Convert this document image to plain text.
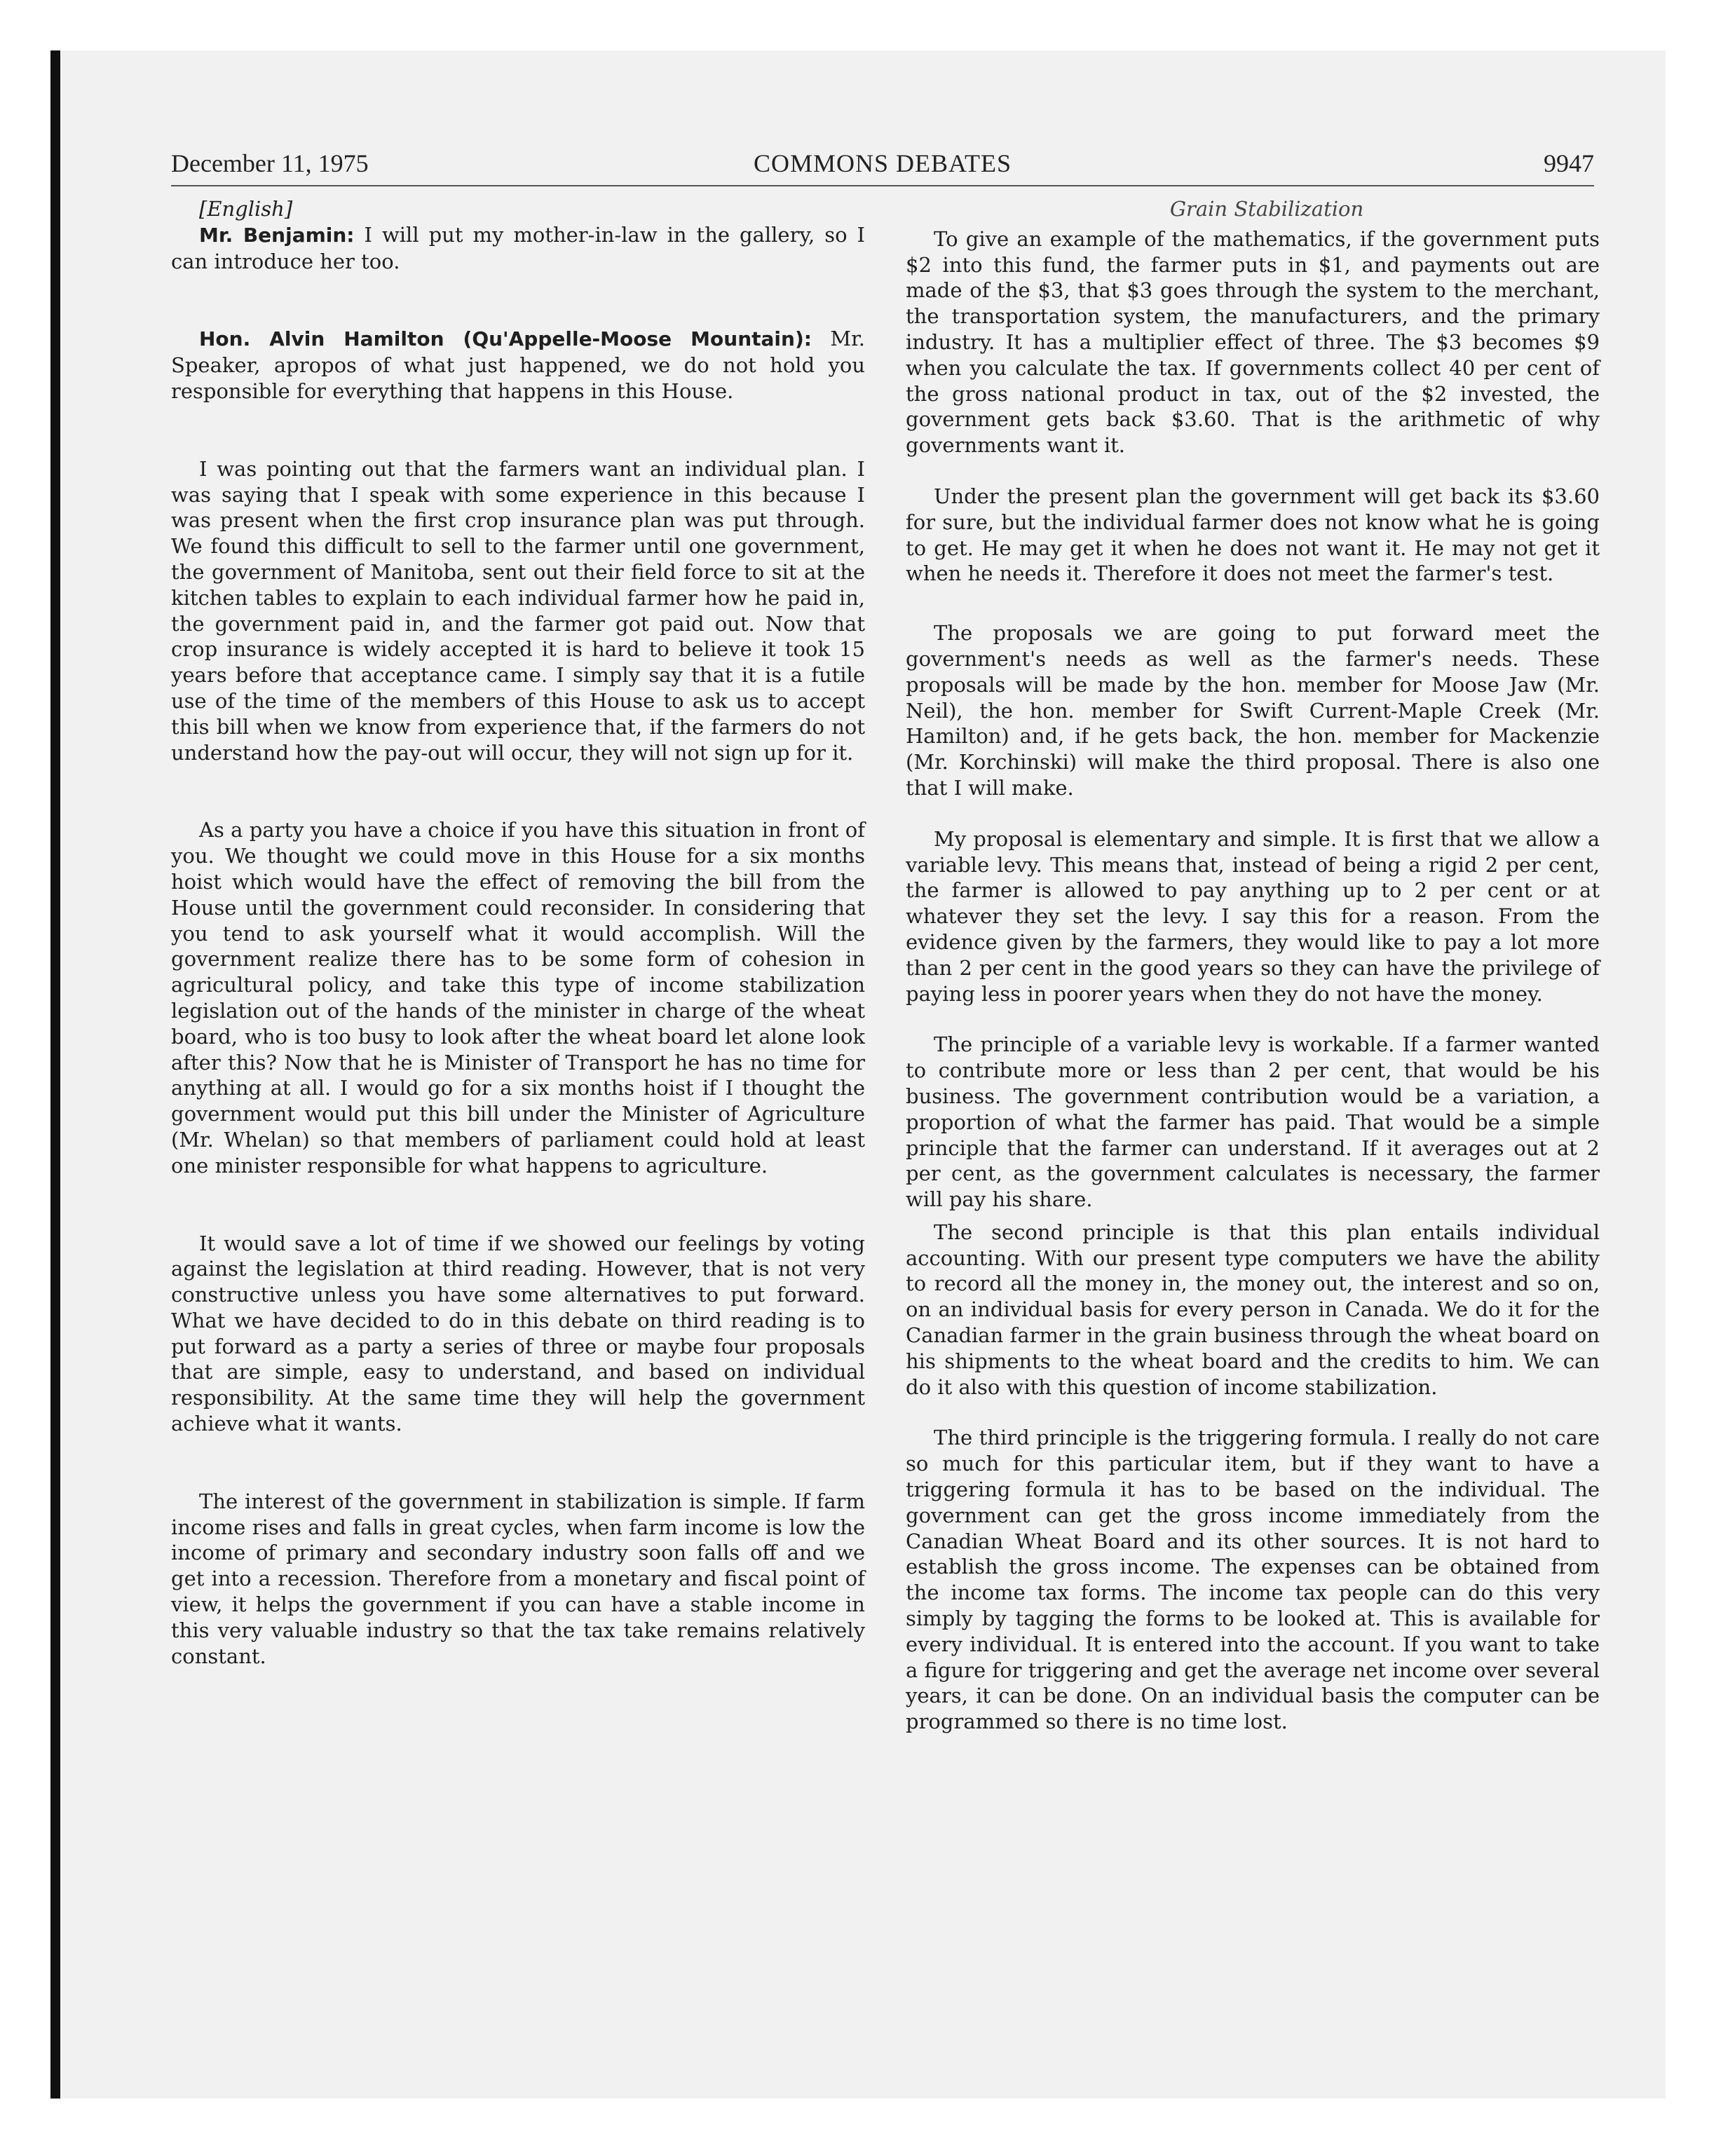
COMMONS DEBATES
December 11, 1975	9947

[English]

Mr. Benjamin: I will put my mother-in-law in the gallery, so I can introduce her too.

Hon. Alvin Hamilton (Qu'Appelle-Moose Mountain): Mr. Speaker, apropos of what just happened, we do not hold you responsible for everything that happens in this House.

I was pointing out that the farmers want an individual plan. I was saying that I speak with some experience in this because I was present when the first crop insurance plan was put through. We found this difficult to sell to the farmer until one government, the government of Manitoba, sent out their field force to sit at the kitchen tables to explain to each individual farmer how he paid in, the government paid in, and the farmer got paid out. Now that crop insurance is widely accepted it is hard to believe it took 15 years before that acceptance came. I simply say that it is a futile use of the time of the members of this House to ask us to accept this bill when we know from experience that, if the farmers do not understand how the pay-out will occur, they will not sign up for it.

As a party you have a choice if you have this situation in front of you. We thought we could move in this House for a six months hoist which would have the effect of removing the bill from the House until the government could reconsider. In considering that you tend to ask yourself what it would accomplish. Will the government realize there has to be some form of cohesion in agricultural policy, and take this type of income stabilization legislation out of the hands of the minister in charge of the wheat board, who is too busy to look after the wheat board let alone look after this? Now that he is Minister of Transport he has no time for anything at all. I would go for a six months hoist if I thought the government would put this bill under the Minister of Agriculture (Mr. Whelan) so that members of parliament could hold at least one minister responsible for what happens to agriculture.

It would save a lot of time if we showed our feelings by voting against the legislation at third reading. However, that is not very constructive unless you have some alternatives to put forward. What we have decided to do in this debate on third reading is to put forward as a party a series of three or maybe four proposals that are simple, easy to understand, and based on individual responsibility. At the same time they will help the government achieve what it wants.

The interest of the government in stabilization is simple. If farm income rises and falls in great cycles, when farm income is low the income of primary and secondary industry soon falls off and we get into a recession. Therefore from a monetary and fiscal point of view, it helps the government if you can have a stable income in this very valuable industry so that the tax take remains relatively constant.

Grain Stabilization

To give an example of the mathematics, if the government puts $2 into this fund, the farmer puts in $1, and payments out are made of the $3, that $3 goes through the system to the merchant, the transportation system, the manufacturers, and the primary industry. It has a multiplier effect of three. The $3 becomes $9 when you calculate the tax. If governments collect 40 per cent of the gross national product in tax, out of the $2 invested, the government gets back $3.60. That is the arithmetic of why governments want it.

Under the present plan the government will get back its $3.60 for sure, but the individual farmer does not know what he is going to get. He may get it when he does not want it. He may not get it when he needs it. Therefore it does not meet the farmer's test.

The proposals we are going to put forward meet the government's needs as well as the farmer's needs. These proposals will be made by the hon. member for Moose Jaw (Mr. Neil), the hon. member for Swift Current-Maple Creek (Mr. Hamilton) and, if he gets back, the hon. member for Mackenzie (Mr. Korchinski) will make the third proposal. There is also one that I will make.

My proposal is elementary and simple. It is first that we allow a variable levy. This means that, instead of being a rigid 2 per cent, the farmer is allowed to pay anything up to 2 per cent or at whatever they set the levy. I say this for a reason. From the evidence given by the farmers, they would like to pay a lot more than 2 per cent in the good years so they can have the privilege of paying less in poorer years when they do not have the money.

The principle of a variable levy is workable. If a farmer wanted to contribute more or less than 2 per cent, that would be his business. The government contribution would be a variation, a proportion of what the farmer has paid. That would be a simple principle that the farmer can understand. If it averages out at 2 per cent, as the government calculates is necessary, the farmer will pay his share.

The second principle is that this plan entails individual accounting. With our present type computers we have the ability to record all the money in, the money out, the interest and so on, on an individual basis for every person in Canada. We do it for the Canadian farmer in the grain business through the wheat board on his shipments to the wheat board and the credits to him. We can do it also with this question of income stabilization.

The third principle is the triggering formula. I really do not care so much for this particular item, but if they want to have a triggering formula it has to be based on the individual. The government can get the gross income immediately from the Canadian Wheat Board and its other sources. It is not hard to establish the gross income. The expenses can be obtained from the income tax forms. The income tax people can do this very simply by tagging the forms to be looked at. This is available for every individual. It is entered into the account. If you want to take a figure for triggering and get the average net income over several years, it can be done. On an individual basis the computer can be programmed so there is no time lost.
